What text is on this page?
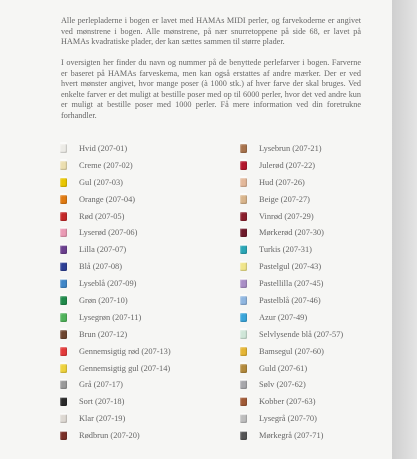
Alle perlepladerne i bogen er lavet med HAMAs MIDI perler, og farvekoderne er angivet ved mønstrene i bogen. Alle mønstrene, på nær snurretoppene på side 68, er lavet på HAMAs kvadratiske plader, der kan sættes sammen til større plader.

I oversigten her finder du navn og nummer på de benyttede perlefarver i bogen. Farverne er baseret på HAMAs farveskema, men kan også erstattes af andre mærker. Der er ved hvert mønster angivet, hvor mange poser (à 1000 stk.) af hver farve der skal bruges. Ved enkelte farver er det muligt at bestille poser med op til 6000 perler, hvor det ved andre kun er muligt at bestille poser med 1000 perler. Få mere information ved din foretrukne forhandler.

Hvid (207-01)
Creme (207-02)
Gul (207-03)
Orange (207-04)
Rød (207-05)
Lyserød (207-06)
Lilla (207-07)
Blå (207-08)
Lyseblå (207-09)
Grøn (207-10)
Lysegrøn (207-11)
Brun (207-12)
Gennemsigtig rød (207-13)
Gennemsigtig gul (207-14)
Grå (207-17)
Sort (207-18)
Klar (207-19)
Rødbrun (207-20)
Lysebrun (207-21)
Julerød (207-22)
Hud (207-26)
Beige (207-27)
Vinrød (207-29)
Mørkerød (207-30)
Turkis (207-31)
Pastelgul (207-43)
Pastellilla (207-45)
Pastelblå (207-46)
Azur (207-49)
Selvlysende blå (207-57)
Bamsegul (207-60)
Guld (207-61)
Sølv (207-62)
Kobber (207-63)
Lysegrå (207-70)
Mørkegrå (207-71)
